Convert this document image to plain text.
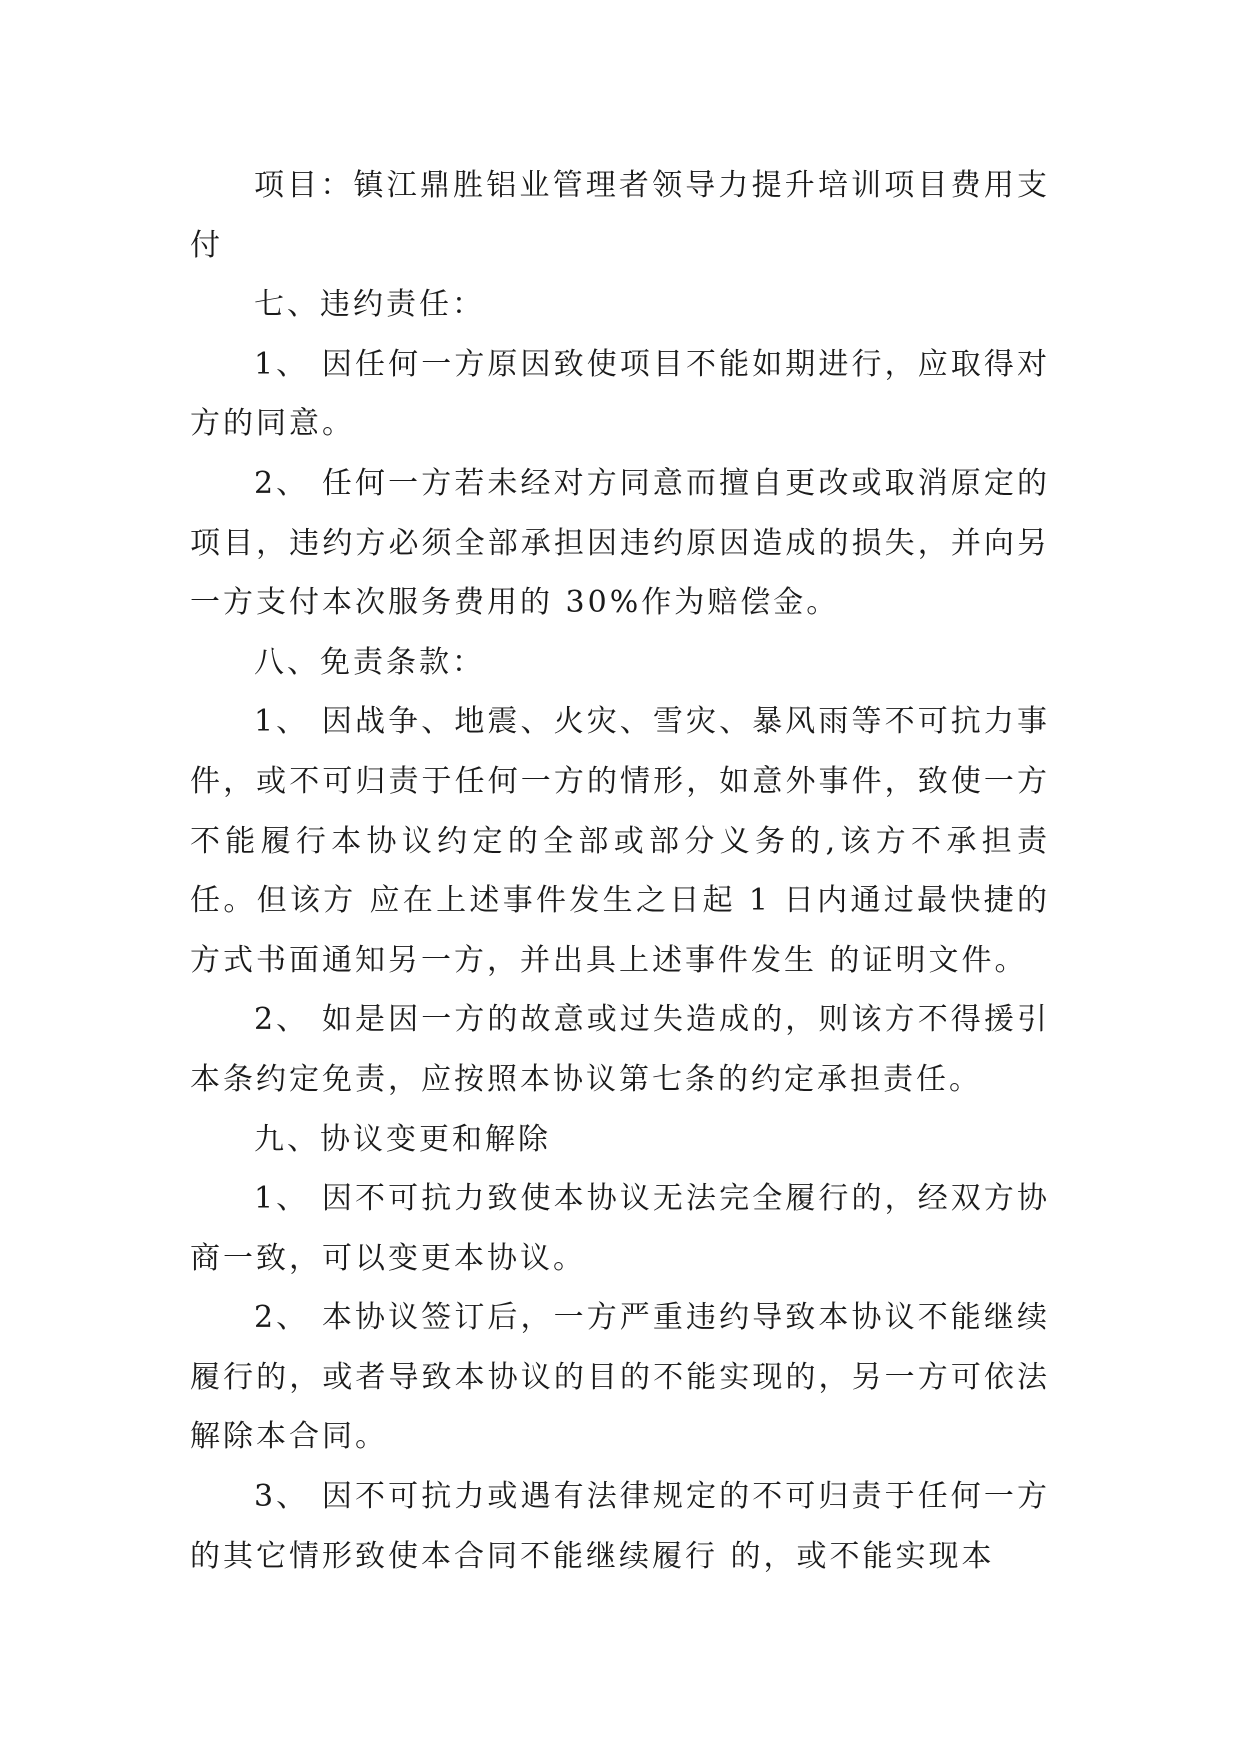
项目：镇江鼎胜铝业管理者领导力提升培训项目费用支付

七、违约责任：

1、 因任何一方原因致使项目不能如期进行，应取得对方的同意。

2、 任何一方若未经对方同意而擅自更改或取消原定的项目，违约方必须全部承担因违约原因造成的损失，并向另一方支付本次服务费用的 30%作为赔偿金。

八、免责条款：

1、 因战争、地震、火灾、雪灾、暴风雨等不可抗力事件，或不可归责于任何一方的情形，如意外事件，致使一方不能履行本协议约定的全部或部分义务的,该方不承担责任。但该方 应在上述事件发生之日起 1 日内通过最快捷的方式书面通知另一方，并出具上述事件发生 的证明文件。

2、 如是因一方的故意或过失造成的，则该方不得援引本条约定免责，应按照本协议第七条的约定承担责任。

九、协议变更和解除

1、 因不可抗力致使本协议无法完全履行的，经双方协商一致，可以变更本协议。

2、 本协议签订后，一方严重违约导致本协议不能继续履行的，或者导致本协议的目的不能实现的，另一方可依法解除本合同。

3、 因不可抗力或遇有法律规定的不可归责于任何一方的其它情形致使本合同不能继续履行 的，或不能实现本
